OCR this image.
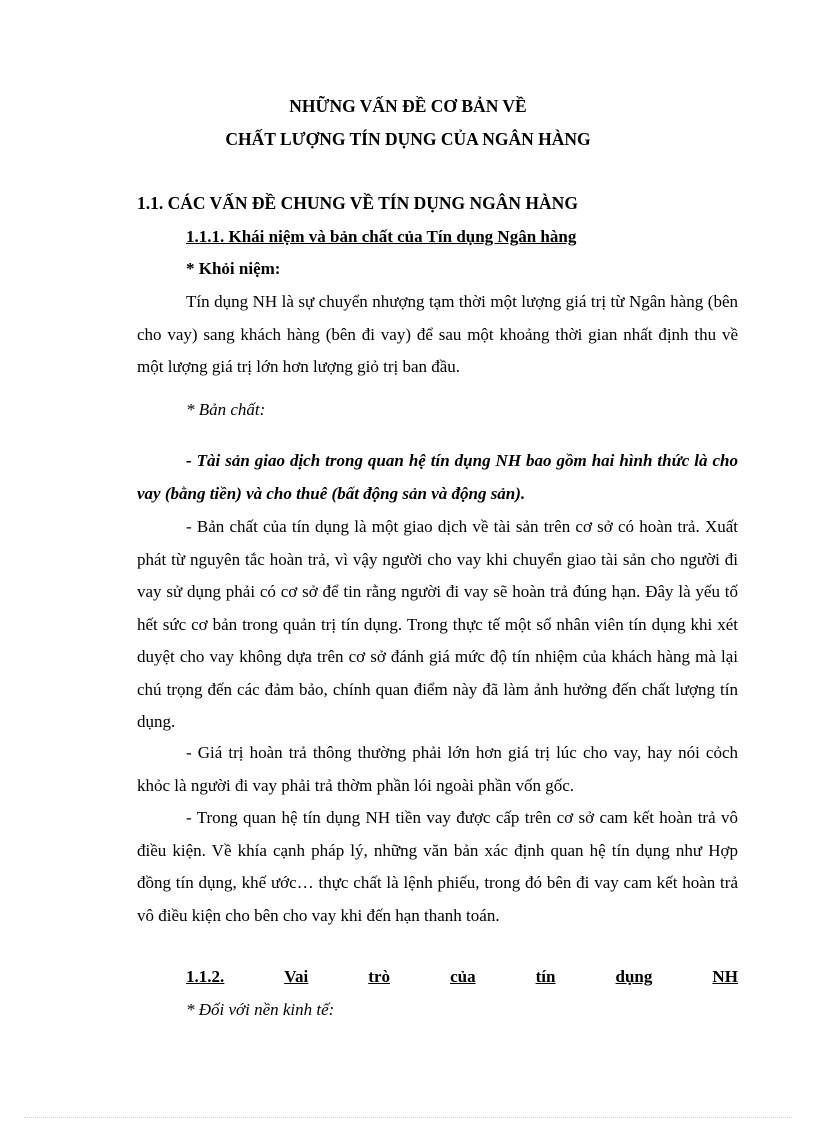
NHỮNG VẤN ĐỀ CƠ BẢN VỀ
CHẤT LƯỢNG TÍN DỤNG CỦA NGÂN HÀNG
1.1. CÁC VẤN ĐỀ CHUNG VỀ TÍN DỤNG NGÂN HÀNG
1.1.1. Khái niệm và bản chất của Tín dụng Ngân hàng
* Khỏi niệm:

Tín dụng NH là sự chuyển nhượng tạm thời một lượng giá trị từ Ngân hàng (bên cho vay) sang khách hàng (bên đi vay) để sau một khoảng thời gian nhất định thu về một lượng giá trị lớn hơn lượng giỏ trị ban đầu.

* Bản chất:

- Tài sản giao dịch trong quan hệ tín dụng NH bao gồm hai hình thức là cho vay (bằng tiền) và cho thuê (bất động sản và động sản).

- Bản chất của tín dụng là một giao dịch về tài sản trên cơ sở có hoàn trả. Xuất phát từ nguyên tắc hoàn trả, vì vậy người cho vay khi chuyển giao tài sản cho người đi vay sử dụng phải có cơ sở để tin rằng người đi vay sẽ hoàn trả đúng hạn. Đây là yếu tố hết sức cơ bản trong quản trị tín dụng. Trong thực tế một số nhân viên tín dụng khi xét duyệt cho vay không dựa trên cơ sở đánh giá mức độ tín nhiệm của khách hàng mà lại chú trọng đến các đảm bảo, chính quan điểm này đã làm ảnh hưởng đến chất lượng tín dụng.

- Giá trị hoàn trả thông thường phải lớn hơn giá trị lúc cho vay, hay nói cỏch khỏc là người đi vay phải trả thờm phần lói ngoài phần vốn gốc.

- Trong quan hệ tín dụng NH tiền vay được cấp trên cơ sở cam kết hoàn trả vô điều kiện. Về khía cạnh pháp lý, những văn bản xác định quan hệ tín dụng như Hợp đồng tín dụng, khế ước… thực chất là lệnh phiếu, trong đó bên đi vay cam kết hoàn trả vô điều kiện cho bên cho vay khi đến hạn thanh toán.

1.1.2.	Vai	trò	của	tín	dụng	NH
* Đối với nền kinh tế:
